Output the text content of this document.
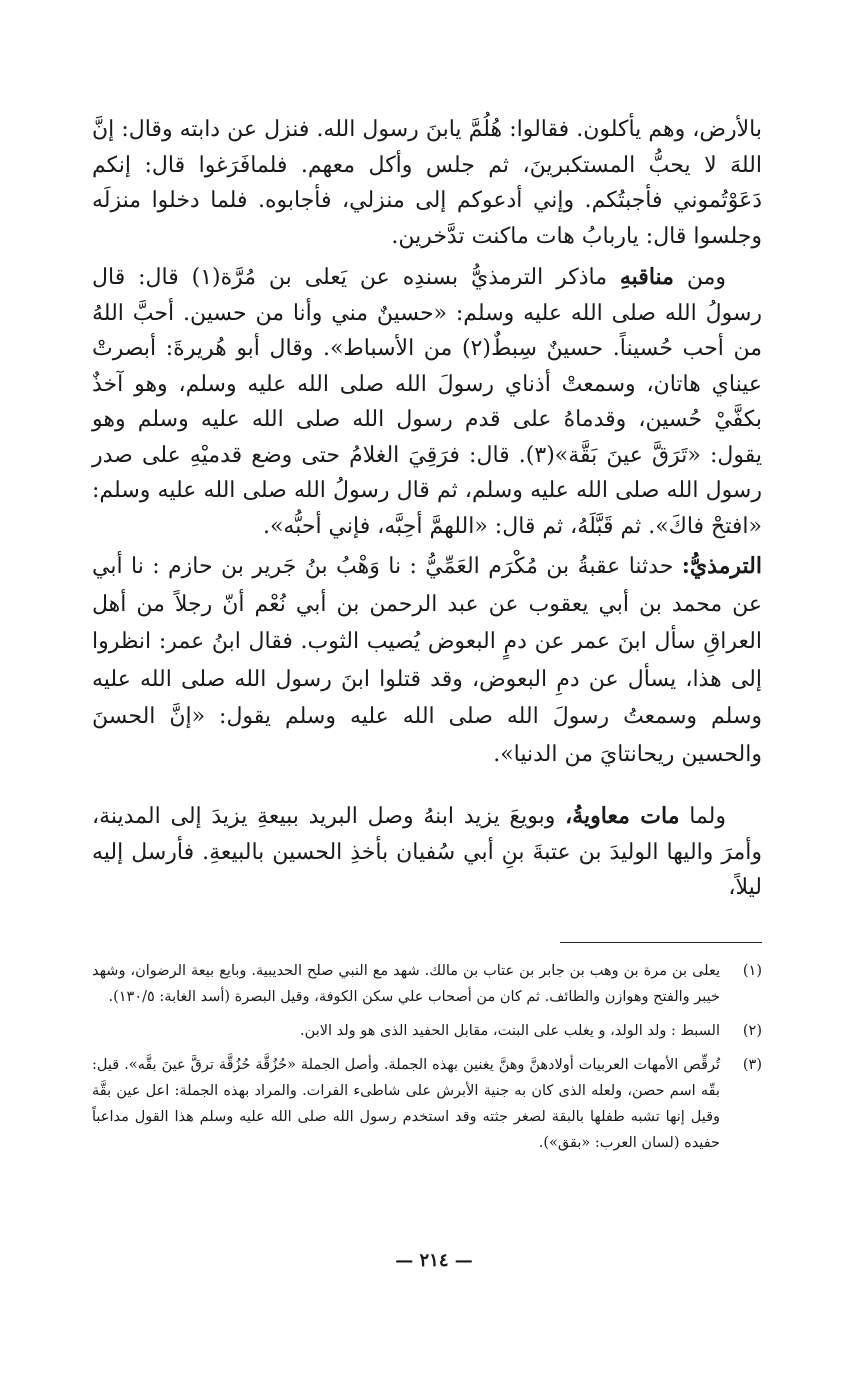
بالأرض، وهم يأكلون. فقالوا: هُلُمَّ يابنَ رسول الله. فنزل عن دابته وقال: إنَّ اللهَ لا يحبُّ المستكبرينَ، ثم جلس وأكل معهم. فلمافَرَغوا قال: إنكم دَعَوْتُموني فأجبتُكم. وإني أدعوكم إلى منزلي، فأجابوه. فلما دخلوا منزلَه وجلسوا قال: ياربابُ هات ماكنت تدَّخرين.

ومن مناقبهِ ماذكر الترمذيُّ بسندِه عن يَعلى بن مُرَّة(١) قال: قال رسولُ الله صلى الله عليه وسلم: «حسينٌ مني وأنا من حسين. أحبَّ اللهُ من أحب حُسيناً. حسينٌ سِبطٌ(٢) من الأسباط». وقال أبو هُريرةَ: أبصرتْ عيناي هاتان، وسمعتْ أذناي رسولَ الله صلى الله عليه وسلم، وهو آخذٌ بكفَّيْ حُسين، وقدماهُ على قدم رسول الله صلى الله عليه وسلم وهو يقول: «تَرَقَّ عينَ بَقَّة»(٣). قال: فرَقِيَ الغلامُ حتى وضع قدميْهِ على صدر رسول الله صلى الله عليه وسلم، ثم قال رسولُ الله صلى الله عليه وسلم: «افتحْ فاكَ». ثم قَبَّلَهُ، ثم قال: «اللهمَّ أحِبَّه، فإني أحبُّه».

الترمذيُّ: حدثنا عقبةُ بن مُكْرَم العَمِّيُّ : نا وَهْبُ بنُ جَرير بن حازم : نا أبي عن محمد بن أبي يعقوب عن عبد الرحمن بن أبي نُعْم أنّ رجلاً من أهل العراقِ سأل ابنَ عمر عن دمٍ البعوض يُصيب الثوب. فقال ابنُ عمر: انظروا إلى هذا، يسأل عن دمِ البعوض، وقد قتلوا ابنَ رسول الله صلى الله عليه وسلم وسمعتُ رسولَ الله صلى الله عليه وسلم يقول: «إنَّ الحسنَ والحسين ريحانتايَ من الدنيا».

ولما مات معاويةُ، وبويعَ يزيد ابنهُ وصل البريد ببيعةِ يزيدَ إلى المدينة، وأمرَ واليها الوليدَ بن عتبةَ بنِ أبي سُفيان بأخذِ الحسين بالبيعةِ. فأرسل إليه ليلاً،

(١)
يعلى بن مرة بن وهب بن جابر بن عتاب بن مالك. شهد مع النبي صلح الحديبية. وبايع بيعة الرضوان، وشهد خيبر والفتح وهوازن والطائف. ثم كان من أصحاب علي سكن الكوفة، وقيل البصرة (أسد الغابة: ١٣٠/٥).
(٢)
السبط : ولد الولد، و يغلب على البنت، مقابل الحفيد الذى هو ولد الابن.
(٣)
تُرقِّص الأمهات العربيات أولادهنَّ وهنَّ يغنين بهذه الجملة. وأصل الجملة «حُزُقَّة حُزُقَّة ترقَّ عينَ بقَّه». قيل: بقّه اسم حصن، ولعله الذى كان به جنية الأبرش على شاطىء الفرات. والمراد بهذه الجملة: اعل عين بقَّة وقيل إنها تشبه طفلها بالبقة لصغر جثته وقد استخدم رسول الله صلى الله عليه وسلم هذا القول مداعباً حفيده (لسان العرب: «بقق»).
— ٢١٤ —
